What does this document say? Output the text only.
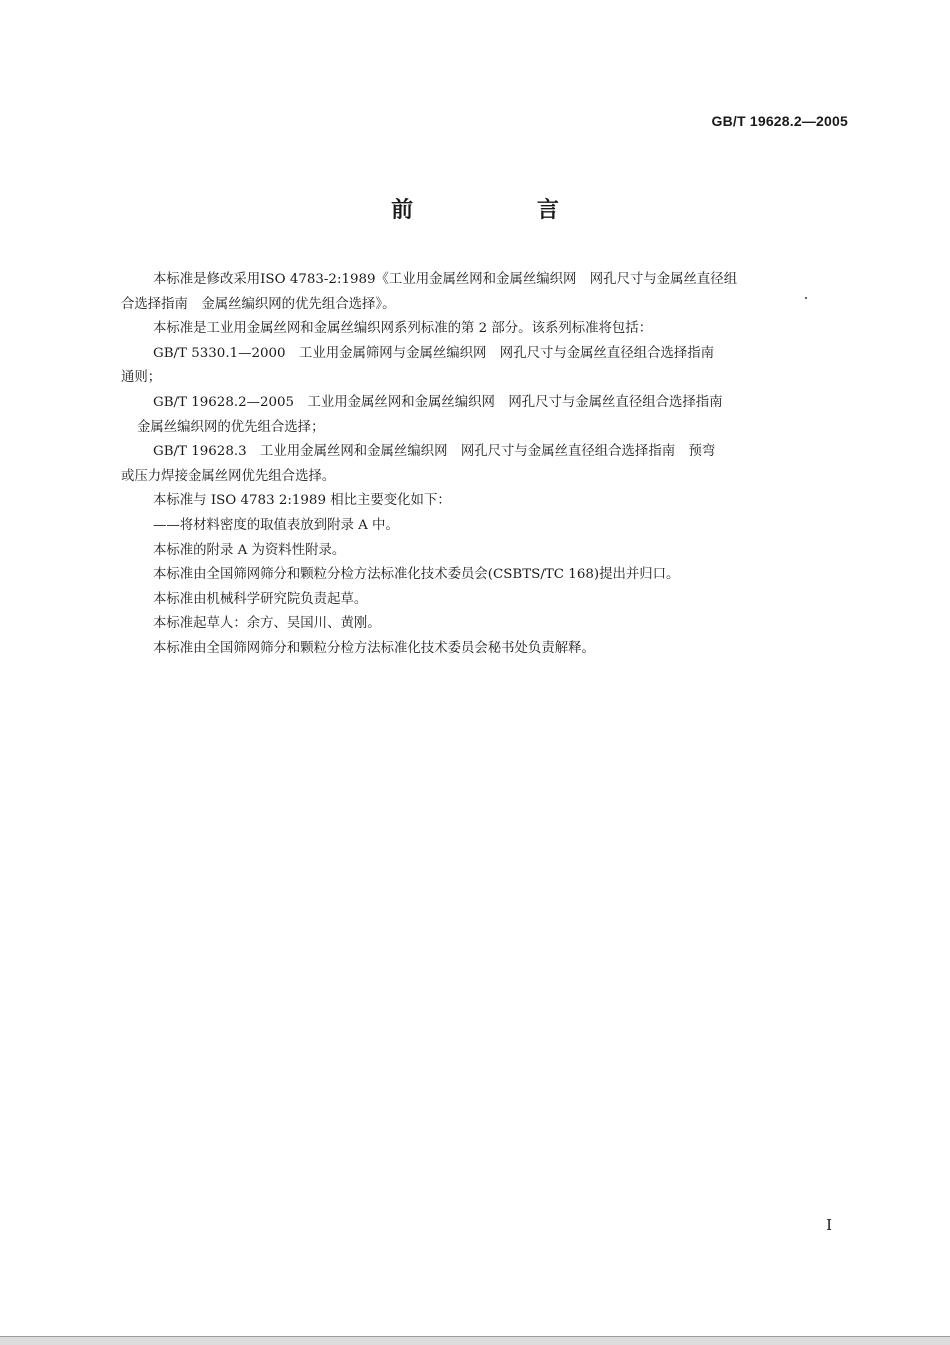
GB/T 19628.2—2005
前 言

本标准是修改采用ISO 4783-2:1989《工业用金属丝网和金属丝编织网　网孔尺寸与金属丝直径组
合选择指南　金属丝编织网的优先组合选择》。

本标准是工业用金属丝网和金属丝编织网系列标准的第 2 部分。该系列标准将包括：

GB/T 5330.1—2000　工业用金属筛网与金属丝编织网　网孔尺寸与金属丝直径组合选择指南
通则；

GB/T 19628.2—2005　工业用金属丝网和金属丝编织网　网孔尺寸与金属丝直径组合选择指南
金属丝编织网的优先组合选择；

GB/T 19628.3　工业用金属丝网和金属丝编织网　网孔尺寸与金属丝直径组合选择指南　预弯
或压力焊接金属丝网优先组合选择。

本标准与 ISO 4783 2:1989 相比主要变化如下：

——将材料密度的取值表放到附录 A 中。

本标准的附录 A 为资料性附录。

本标准由全国筛网筛分和颗粒分检方法标准化技术委员会(CSBTS/TC 168)提出并归口。

本标准由机械科学研究院负责起草。

本标准起草人：余方、吴国川、黄刚。

本标准由全国筛网筛分和颗粒分检方法标准化技术委员会秘书处负责解释。

I
